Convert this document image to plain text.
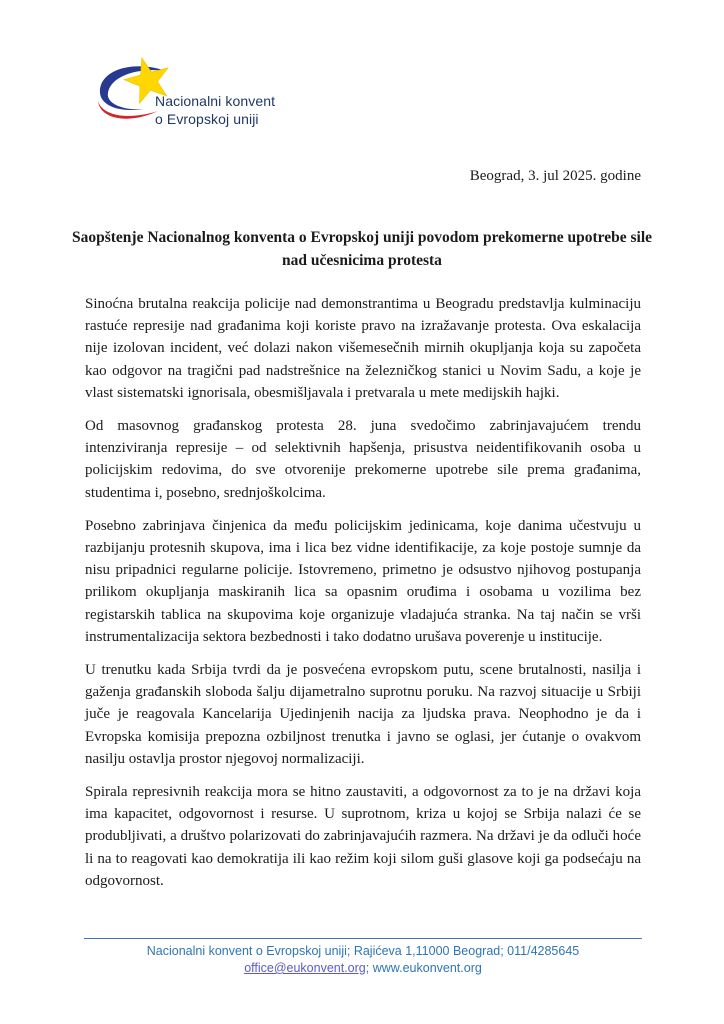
Nacionalni konvent
o Evropskoj uniji
Beograd, 3. jul 2025. godine
Saopštenje Nacionalnog konventa o Evropskoj uniji povodom prekomerne upotrebe sile nad učesnicima protesta

Sinoćna brutalna reakcija policije nad demonstrantima u Beogradu predstavlja kulminaciju rastuće represije nad građanima koji koriste pravo na izražavanje protesta. Ova eskalacija nije izolovan incident, već dolazi nakon višemesečnih mirnih okupljanja koja su započeta kao odgovor na tragični pad nadstrešnice na železničkog stanici u Novim Sadu, a koje je vlast sistematski ignorisala, obesmišljavala i pretvarala u mete medijskih hajki.

Od masovnog građanskog protesta 28. juna svedočimo zabrinjavajućem trendu intenziviranja represije – od selektivnih hapšenja, prisustva neidentifikovanih osoba u policijskim redovima, do sve otvorenije prekomerne upotrebe sile prema građanima, studentima i, posebno, srednjoškolcima.

Posebno zabrinjava činjenica da među policijskim jedinicama, koje danima učestvuju u razbijanju protesnih skupova, ima i lica bez vidne identifikacije, za koje postoje sumnje da nisu pripadnici regularne policije. Istovremeno, primetno je odsustvo njihovog postupanja prilikom okupljanja maskiranih lica sa opasnim oruđima i osobama u vozilima bez registarskih tablica na skupovima koje organizuje vladajuća stranka. Na taj način se vrši instrumentalizacija sektora bezbednosti i tako dodatno urušava poverenje u institucije.

U trenutku kada Srbija tvrdi da je posvećena evropskom putu, scene brutalnosti, nasilja i gaženja građanskih sloboda šalju dijametralno suprotnu poruku. Na razvoj situacije u Srbiji juče je reagovala Kancelarija Ujedinjenih nacija za ljudska prava. Neophodno je da i Evropska komisija prepozna ozbiljnost trenutka i javno se oglasi, jer ćutanje o ovakvom nasilju ostavlja prostor njegovoj normalizaciji.

Spirala represivnih reakcija mora se hitno zaustaviti, a odgovornost za to je na državi koja ima kapacitet, odgovornost i resurse. U suprotnom, kriza u kojoj se Srbija nalazi će se produbljivati, a društvo polarizovati do zabrinjavajućih razmera. Na državi je da odluči hoće li na to reagovati kao demokratija ili kao režim koji silom guši glasove koji ga podsećaju na odgovornost.

Nacionalni konvent o Evropskoj uniji; Rajićeva 1,11000 Beograd; 011/4285645
office@eukonvent.org; www.eukonvent.org
